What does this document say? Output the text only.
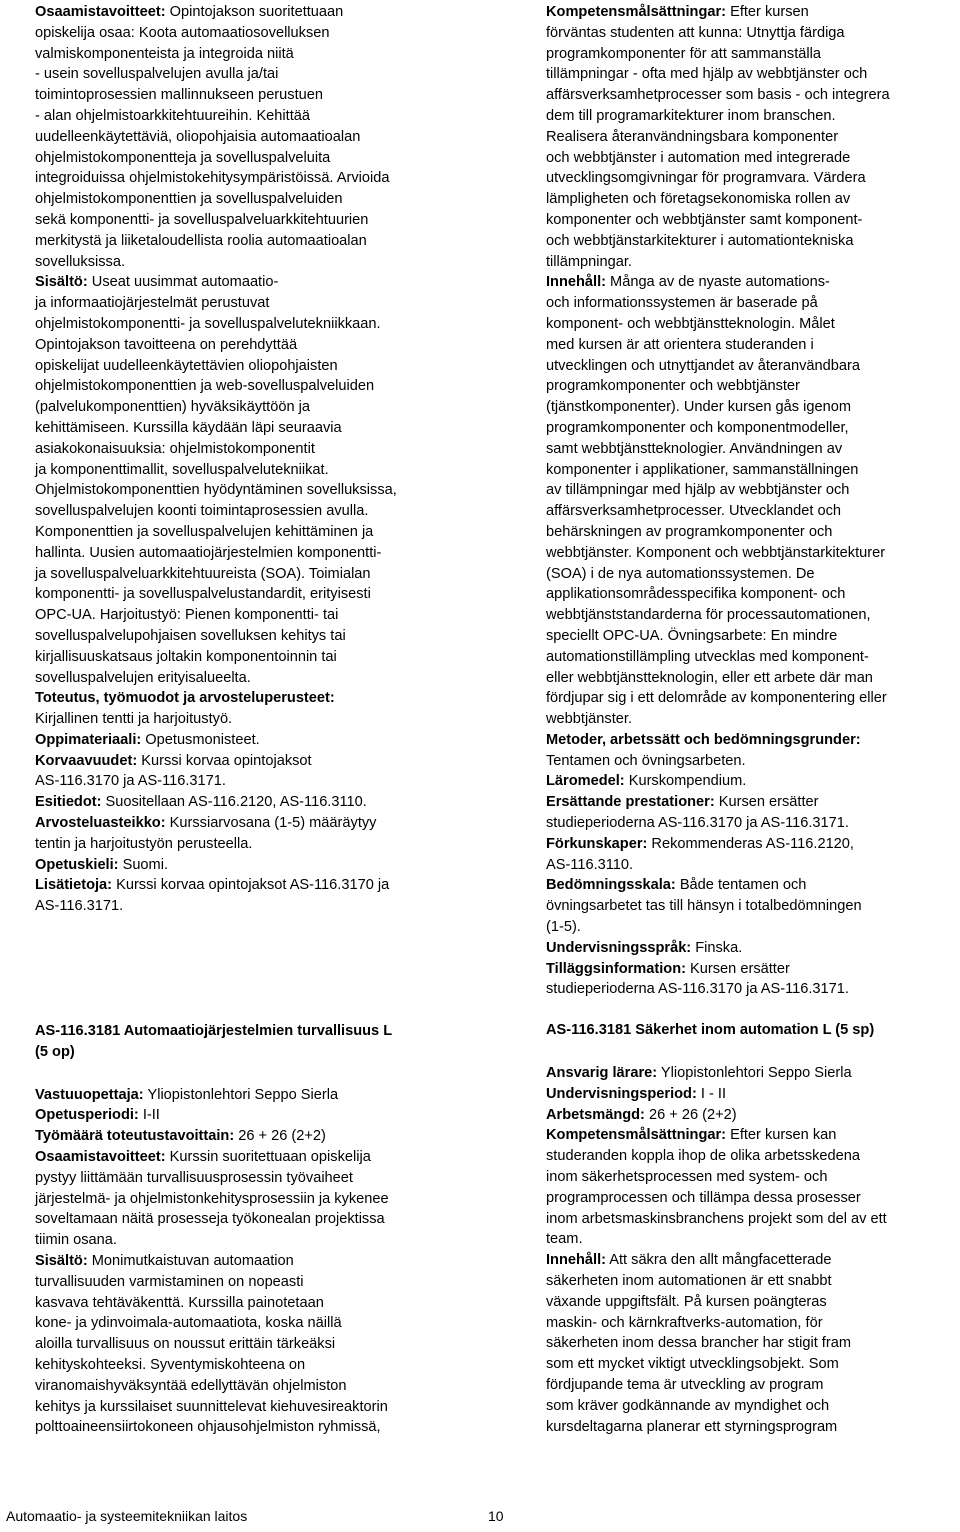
Osaamistavoitteet: Opintojakson suoritettuaan
opiskelija osaa: Koota automaatiosovelluksen
valmiskomponenteista ja integroida niitä
- usein sovelluspalvelujen avulla ja/tai
toimintoprosessien mallinnukseen perustuen
- alan ohjelmistoarkkitehtuureihin. Kehittää
uudelleenkäytettäviä, oliopohjaisia automaatioalan
ohjelmistokomponentteja ja sovelluspalveluita
integroiduissa ohjelmistokehitysympäristöissä. Arvioida
ohjelmistokomponenttien ja sovelluspalveluiden
sekä komponentti- ja sovelluspalveluarkkitehtuurien
merkitystä ja liiketaloudellista roolia automaatioalan
sovelluksissa.
Sisältö: Useat uusimmat automaatio-
ja informaatiojärjestelmät perustuvat
ohjelmistokomponentti- ja sovelluspalvelutekniikkaan.
Opintojakson tavoitteena on perehdyttää
opiskelijat uudelleenkäytettävien oliopohjaisten
ohjelmistokomponenttien ja web-sovelluspalveluiden
(palvelukomponenttien) hyväksikäyttöön ja
kehittämiseen. Kurssilla käydään läpi seuraavia
asiakokonaisuuksia: ohjelmistokomponentit
ja komponenttimallit, sovelluspalvelutekniikat.
Ohjelmistokomponenttien hyödyntäminen sovelluksissa,
sovelluspalvelujen koonti toimintaprosessien avulla.
Komponenttien ja sovelluspalvelujen kehittäminen ja
hallinta. Uusien automaatiojärjestelmien komponentti-
ja sovelluspalveluarkkitehtuureista (SOA). Toimialan
komponentti- ja sovelluspalvelustandardit, erityisesti
OPC-UA. Harjoitustyö: Pienen komponentti- tai
sovelluspalvelupohjaisen sovelluksen kehitys tai
kirjallisuuskatsaus joltakin komponentoinnin tai
sovelluspalvelujen erityisalueelta.
Toteutus, työmuodot ja arvosteluperusteet:
Kirjallinen tentti ja harjoitustyö.
Oppimateriaali: Opetusmonisteet.
Korvaavuudet: Kurssi korvaa opintojaksot
AS-116.3170 ja AS-116.3171.
Esitiedot: Suositellaan AS-116.2120, AS-116.3110.
Arvosteluasteikko: Kurssiarvosana (1-5) määräytyy
tentin ja harjoitustyön perusteella.
Opetuskieli: Suomi.
Lisätietoja: Kurssi korvaa opintojaksot AS-116.3170 ja
AS-116.3171.
AS-116.3181 Automaatiojärjestelmien turvallisuus L
(5 op)
Vastuuopettaja: Yliopistonlehtori Seppo Sierla
Opetusperiodi: I-II
Työmäärä toteutustavoittain: 26 + 26 (2+2)
Osaamistavoitteet: Kurssin suoritettuaan opiskelija
pystyy liittämään turvallisuusprosessin työvaiheet
järjestelmä- ja ohjelmistonkehitysprosessiin ja kykenee
soveltamaan näitä prosesseja työkonealan projektissa
tiimin osana.
Sisältö: Monimutkaistuvan automaation
turvallisuuden varmistaminen on nopeasti
kasvava tehtäväkenttä. Kurssilla painotetaan
kone- ja ydinvoimala-automaatiota, koska näillä
aloilla turvallisuus on noussut erittäin tärkeäksi
kehityskohteeksi. Syventymiskohteena on
viranomaishyväksyntää edellyttävän ohjelmiston
kehitys ja kurssilaiset suunnittelevat kiehuvesireaktorin
polttoaineensiirtokoneen ohjausohjelmiston ryhmissä,
Kompetensmålsättningar: Efter kursen
förväntas studenten att kunna: Utnyttja färdiga
programkomponenter för att sammanställa
tillämpningar - ofta med hjälp av webbtjänster och
affärsverksamhetprocesser som basis - och integrera
dem till programarkitekturer inom branschen.
Realisera återanvändningsbara komponenter
och webbtjänster i automation med integrerade
utvecklingsomgivningar för programvara. Värdera
lämpligheten och företagsekonomiska rollen av
komponenter och webbtjänster samt komponent-
och webbtjänstarkitekturer i automationtekniska
tillämpningar.
Innehåll: Många av de nyaste automations-
och informationssystemen är baserade på
komponent- och webbtjänstteknologin. Målet
med kursen är att orientera studeranden i
utvecklingen och utnyttjandet av återanvändbara
programkomponenter och webbtjänster
(tjänstkomponenter). Under kursen gås igenom
programkomponenter och komponentmodeller,
samt webbtjänstteknologier. Användningen av
komponenter i applikationer, sammanställningen
av tillämpningar med hjälp av webbtjänster och
affärsverksamhetprocesser. Utvecklandet och
behärskningen av programkomponenter och
webbtjänster. Komponent och webbtjänstarkitekturer
(SOA) i de nya automationssystemen. De
applikationsområdesspecifika komponent- och
webbtjänststandarderna för processautomationen,
speciellt OPC-UA. Övningsarbete: En mindre
automationstillämpling utvecklas med komponent-
eller webbtjänstteknologin, eller ett arbete där man
fördjupar sig i ett delområde av komponentering eller
webbtjänster.
Metoder, arbetssätt och bedömningsgrunder:
Tentamen och övningsarbeten.
Läromedel: Kurskompendium.
Ersättande prestationer: Kursen ersätter
studieperioderna AS-116.3170 ja AS-116.3171.
Förkunskaper: Rekommenderas AS-116.2120,
AS-116.3110.
Bedömningsskala: Både tentamen och
övningsarbetet tas till hänsyn i totalbedömningen
(1-5).
Undervisningsspråk: Finska.
Tilläggsinformation: Kursen ersätter
studieperioderna AS-116.3170 ja AS-116.3171.
AS-116.3181 Säkerhet inom automation L (5 sp)
Ansvarig lärare: Yliopistonlehtori Seppo Sierla
Undervisningsperiod: I - II
Arbetsmängd: 26 + 26 (2+2)
Kompetensmålsättningar: Efter kursen kan
studeranden koppla ihop de olika arbetsskedena
inom säkerhetsprocessen med system- och
programprocessen och tillämpa dessa prosesser
inom arbetsmaskinsbranchens projekt som del av ett
team.
Innehåll: Att säkra den allt mångfacetterade
säkerheten inom automationen är ett snabbt
växande uppgiftsfält. På kursen poängteras
maskin- och kärnkraftverks-automation, för
säkerheten inom dessa brancher har stigit fram
som ett mycket viktigt utvecklingsobjekt. Som
fördjupande tema är utveckling av program
som kräver godkännande av myndighet och
kursdeltagarna planerar ett styrningsprogram
Automaatio- ja systeemitekniikan laitos	10
